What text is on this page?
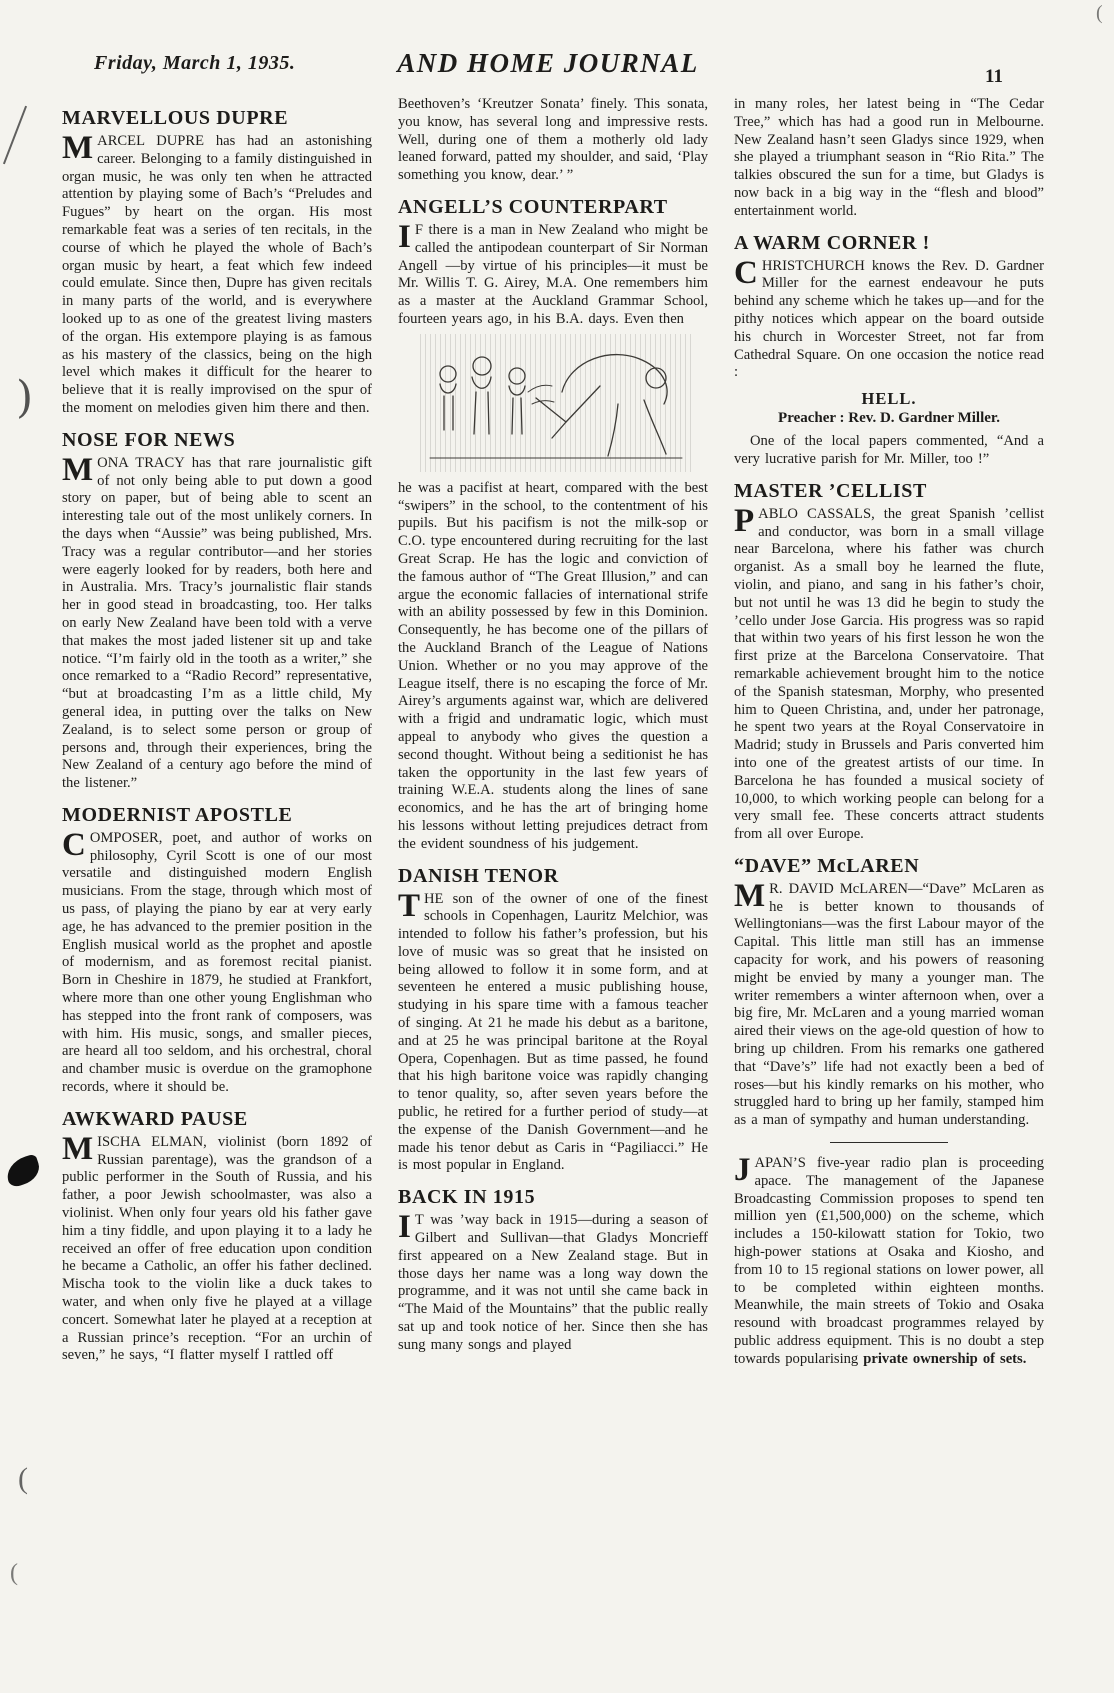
Friday, March 1, 1935.	AND HOME JOURNAL	11
MARVELLOUS DUPRE

MARCEL DUPRE has had an astonishing career. Belonging to a family distinguished in organ music, he was only ten when he attracted attention by playing some of Bach’s “Preludes and Fugues” by heart on the organ. His most remarkable feat was a series of ten recitals, in the course of which he played the whole of Bach’s organ music by heart, a feat which few indeed could emulate. Since then, Dupre has given recitals in many parts of the world, and is everywhere looked up to as one of the greatest living masters of the organ. His extempore playing is as famous as his mastery of the classics, being on the high level which makes it difficult for the hearer to believe that it is really improvised on the spur of the moment on melodies given him there and then.

NOSE FOR NEWS

MONA TRACY has that rare journalistic gift of not only being able to put down a good story on paper, but of being able to scent an interesting tale out of the most unlikely corners. In the days when “Aussie” was being published, Mrs. Tracy was a regular contributor—and her stories were eagerly looked for by readers, both here and in Australia. Mrs. Tracy’s journalistic flair stands her in good stead in broadcasting, too. Her talks on early New Zealand have been told with a verve that makes the most jaded listener sit up and take notice. “I’m fairly old in the tooth as a writer,” she once remarked to a “Radio Record” representative, “but at broadcasting I’m as a little child, My general idea, in putting over the talks on New Zealand, is to select some person or group of persons and, through their experiences, bring the New Zealand of a century ago before the mind of the listener.”

MODERNIST APOSTLE

COMPOSER, poet, and author of works on philosophy, Cyril Scott is one of our most versatile and distinguished modern English musicians. From the stage, through which most of us pass, of playing the piano by ear at very early age, he has advanced to the premier position in the English musical world as the prophet and apostle of modernism, and as foremost recital pianist. Born in Cheshire in 1879, he studied at Frankfort, where more than one other young Englishman who has stepped into the front rank of composers, was with him. His music, songs, and smaller pieces, are heard all too seldom, and his orchestral, choral and chamber music is overdue on the gramophone records, where it should be.

AWKWARD PAUSE

MISCHA ELMAN, violinist (born 1892 of Russian parentage), was the grandson of a public performer in the South of Russia, and his father, a poor Jewish schoolmaster, was also a violinist. When only four years old his father gave him a tiny fiddle, and upon playing it to a lady he received an offer of free education upon condition he became a Catholic, an offer his father declined. Mischa took to the violin like a duck takes to water, and when only five he played at a village concert. Somewhat later he played at a reception at a Russian prince’s reception. “For an urchin of seven,” he says, “I flatter myself I rattled off

Beethoven’s ‘Kreutzer Sonata’ finely. This sonata, you know, has several long and impressive rests. Well, during one of them a motherly old lady leaned forward, patted my shoulder, and said, ‘Play something you know, dear.’ ”

ANGELL’S COUNTERPART

I F there is a man in New Zealand who might be called the antipodean counterpart of Sir Norman Angell —by virtue of his principles—it must be Mr. Willis T. G. Airey, M.A. One remembers him as a master at the Auckland Grammar School, fourteen years ago, in his B.A. days. Even then

he was a pacifist at heart, compared with the best “swipers” in the school, to the contentment of his pupils. But his pacifism is not the milk-sop or C.O. type encountered during recruiting for the last Great Scrap. He has the logic and conviction of the famous author of “The Great Illusion,” and can argue the economic fallacies of international strife with an ability possessed by few in this Dominion. Consequently, he has become one of the pillars of the Auckland Branch of the League of Nations Union. Whether or no you may approve of the League itself, there is no escaping the force of Mr. Airey’s arguments against war, which are delivered with a frigid and undramatic logic, which must appeal to anybody who gives the question a second thought. Without being a seditionist he has taken the opportunity in the last few years of training W.E.A. students along the lines of sane economics, and he has the art of bringing home his lessons without letting prejudices detract from the evident soundness of his judgement.

DANISH TENOR

THE son of the owner of one of the finest schools in Copenhagen, Lauritz Melchior, was intended to follow his father’s profession, but his love of music was so great that he insisted on being allowed to follow it in some form, and at seventeen he entered a music publishing house, studying in his spare time with a famous teacher of singing. At 21 he made his debut as a baritone, and at 25 he was principal baritone at the Royal Opera, Copenhagen. But as time passed, he found that his high baritone voice was rapidly changing to tenor quality, so, after seven years before the public, he retired for a further period of study—at the expense of the Danish Government—and he made his tenor debut as Caris in “Pagiliacci.” He is most popular in England.

BACK IN 1915

I T was ’way back in 1915—during a season of Gilbert and Sullivan—that Gladys Moncrieff first appeared on a New Zealand stage. But in those days her name was a long way down the programme, and it was not until she came back in “The Maid of the Mountains” that the public really sat up and took notice of her. Since then she has sung many songs and played

in many roles, her latest being in “The Cedar Tree,” which has had a good run in Melbourne. New Zealand hasn’t seen Gladys since 1929, when she played a triumphant season in “Rio Rita.” The talkies obscured the sun for a time, but Gladys is now back in a big way in the “flesh and blood” entertainment world.

A WARM CORNER !

CHRISTCHURCH knows the Rev. D. Gardner Miller for the earnest endeavour he puts behind any scheme which he takes up—and for the pithy notices which appear on the board outside his church in Worcester Street, not far from Cathedral Square. On one occasion the notice read :

HELL.
Preacher : Rev. D. Gardner Miller.

One of the local papers commented, “And a very lucrative parish for Mr. Miller, too !”

MASTER ’CELLIST

PABLO CASSALS, the great Spanish ’cellist and conductor, was born in a small village near Barcelona, where his father was church organist. As a small boy he learned the flute, violin, and piano, and sang in his father’s choir, but not until he was 13 did he begin to study the ’cello under Jose Garcia. His progress was so rapid that within two years of his first lesson he won the first prize at the Barcelona Conservatoire. That remarkable achievement brought him to the notice of the Spanish statesman, Morphy, who presented him to Queen Christina, and, under her patronage, he spent two years at the Royal Conservatoire in Madrid; study in Brussels and Paris converted him into one of the greatest artists of our time. In Barcelona he has founded a musical society of 10,000, to which working people can belong for a very small fee. These concerts attract students from all over Europe.

“DAVE” McLAREN

M R. DAVID McLAREN—“Dave” McLaren as he is better known to thousands of Wellingtonians—was the first Labour mayor of the Capital. This little man still has an immense capacity for work, and his powers of reasoning might be envied by many a younger man. The writer remembers a winter afternoon when, over a big fire, Mr. McLaren and a young married woman aired their views on the age-old question of how to bring up children. From his remarks one gathered that “Dave’s” life had not exactly been a bed of roses—but his kindly remarks on his mother, who struggled hard to bring up her family, stamped him as a man of sympathy and human understanding.

JAPAN’S five-year radio plan is proceeding apace. The management of the Japanese Broadcasting Commission proposes to spend ten million yen (£1,500,000) on the scheme, which includes a 150-kilowatt station for Tokio, two high-power stations at Osaka and Kiosho, and from 10 to 15 regional stations on lower power, all to be completed within eighteen months. Meanwhile, the main streets of Tokio and Osaka resound with broadcast programmes relayed by public address equipment. This is no doubt a step towards popularising private ownership of sets.

)
(
(
(
